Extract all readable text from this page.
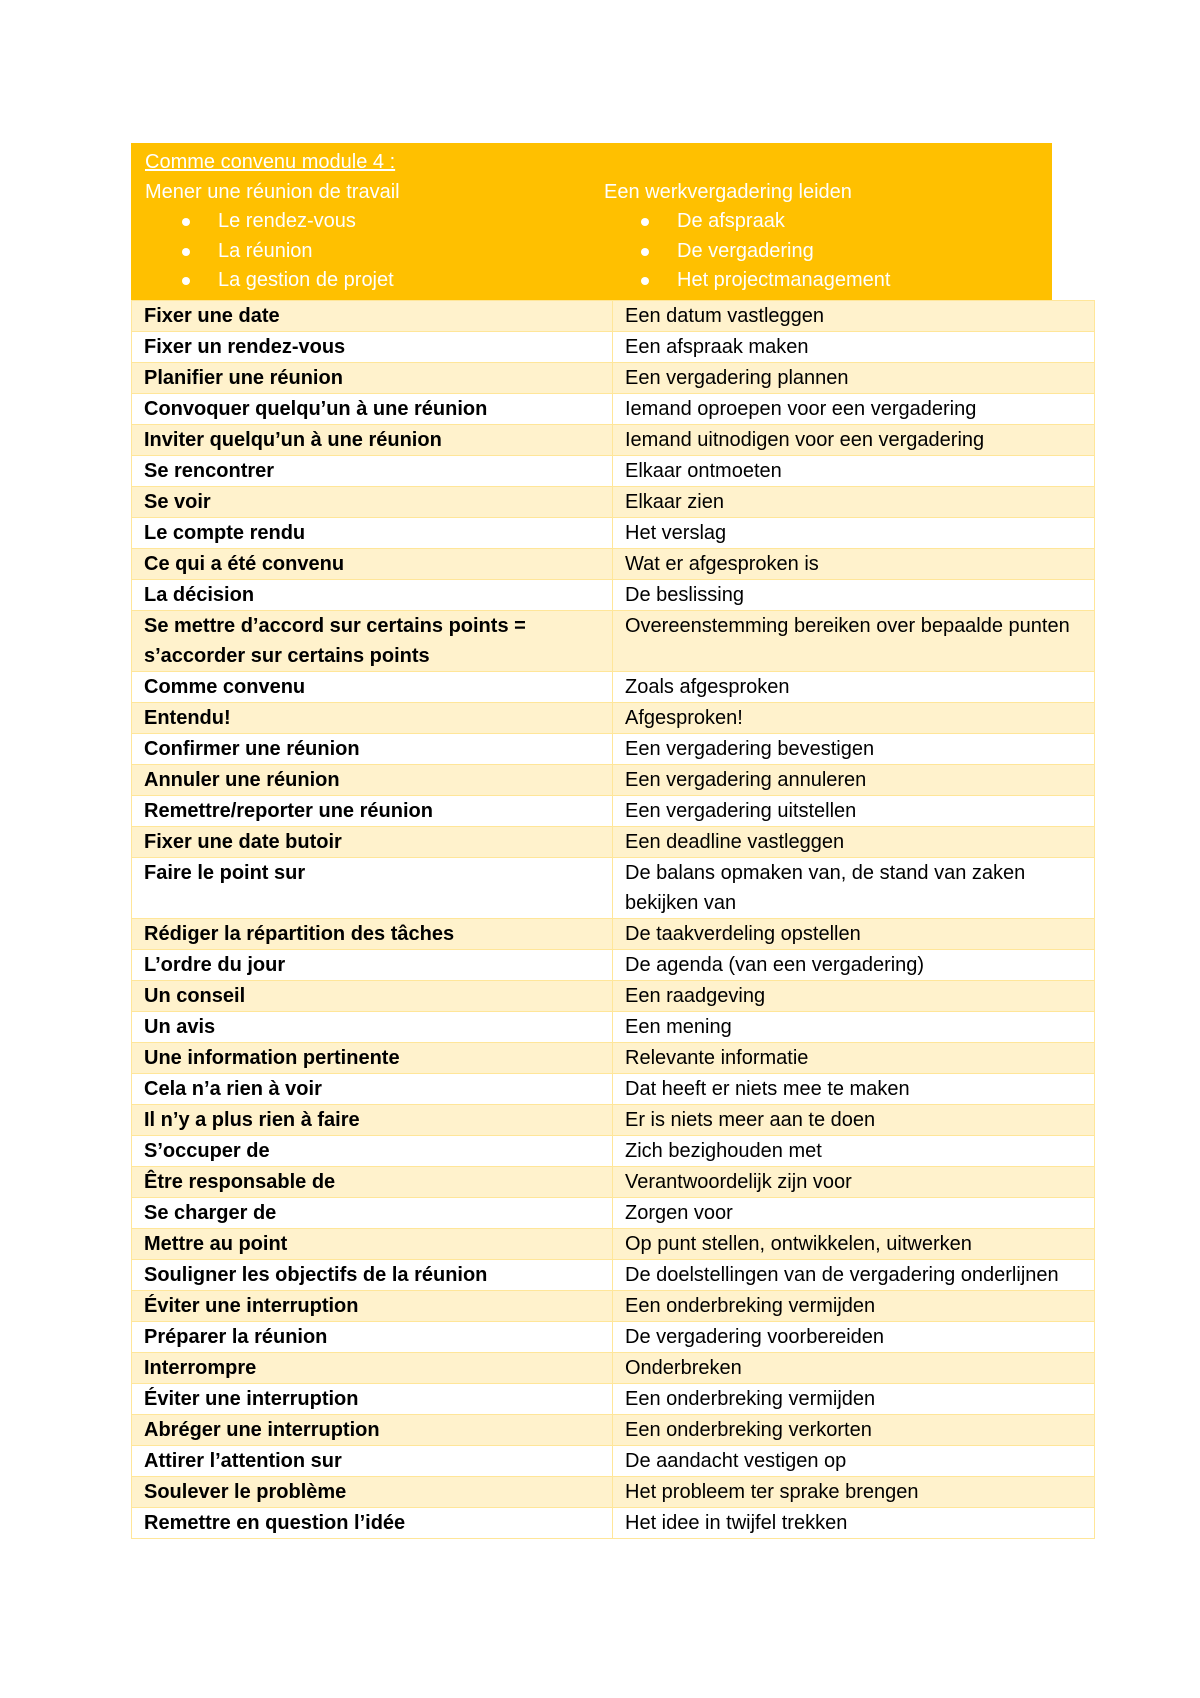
Comme convenu module 4 :
Mener une réunion de travail
Le rendez-vous
La réunion
La gestion de projet
Een werkvergadering leiden
De afspraak
De vergadering
Het projectmanagement
Fixer une date	Een datum vastleggen
Fixer un rendez-vous	Een afspraak maken
Planifier une réunion	Een vergadering plannen
Convoquer quelqu’un à une réunion	Iemand oproepen voor een vergadering
Inviter quelqu’un à une réunion	Iemand uitnodigen voor een vergadering
Se rencontrer	Elkaar ontmoeten
Se voir	Elkaar zien
Le compte rendu	Het verslag
Ce qui a été convenu	Wat er afgesproken is
La décision	De beslissing
Se mettre d’accord sur certains points = s’accorder sur certains points	Overeenstemming bereiken over bepaalde punten
Comme convenu	Zoals afgesproken
Entendu!	Afgesproken!
Confirmer une réunion	Een vergadering bevestigen
Annuler une réunion	Een vergadering annuleren
Remettre/reporter une réunion	Een vergadering uitstellen
Fixer une date butoir	Een deadline vastleggen
Faire le point sur	De balans opmaken van, de stand van zaken bekijken van
Rédiger la répartition des tâches	De taakverdeling opstellen
L’ordre du jour	De agenda (van een vergadering)
Un conseil	Een raadgeving
Un avis	Een mening
Une information pertinente	Relevante informatie
Cela n’a rien à voir	Dat heeft er niets mee te maken
Il n’y a plus rien à faire	Er is niets meer aan te doen
S’occuper de	Zich bezighouden met
Être responsable de	Verantwoordelijk zijn voor
Se charger de	Zorgen voor
Mettre au point	Op punt stellen, ontwikkelen, uitwerken
Souligner les objectifs de la réunion	De doelstellingen van de vergadering onderlijnen
Éviter une interruption	Een onderbreking vermijden
Préparer la réunion	De vergadering voorbereiden
Interrompre	Onderbreken
Éviter une interruption	Een onderbreking vermijden
Abréger une interruption	Een onderbreking verkorten
Attirer l’attention sur	De aandacht vestigen op
Soulever le problème	Het probleem ter sprake brengen
Remettre en question l’idée	Het idee in twijfel trekken
